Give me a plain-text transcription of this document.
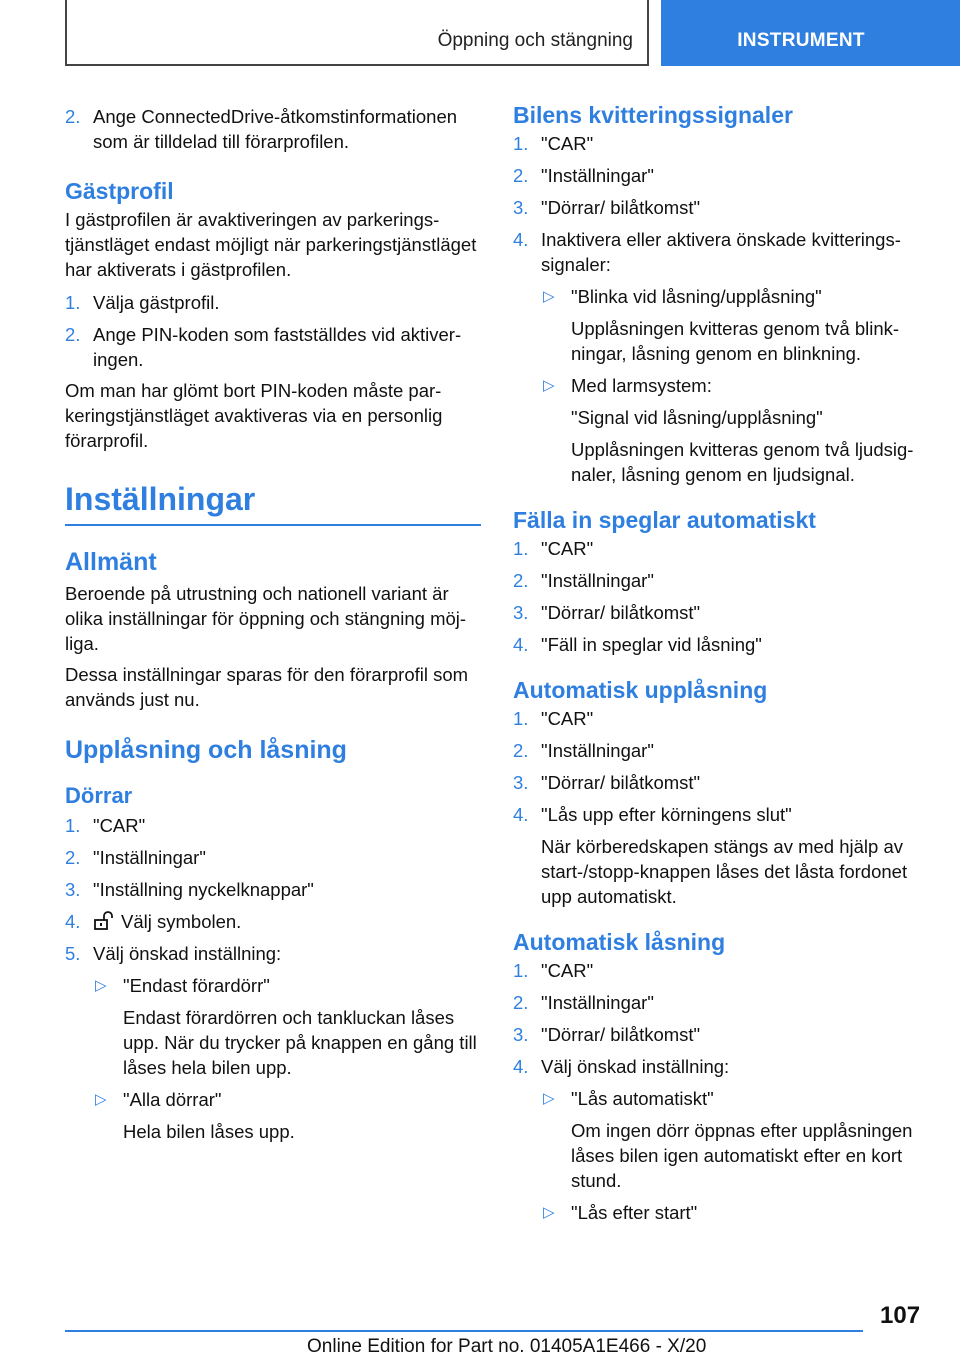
Öppning och stängning	INSTRUMENT
2. Ange ConnectedDrive-åtkomstinformationen som är tilldelad till förarprofilen.
Gästprofil

I gästprofilen är avaktiveringen av parkeringstjänstläget endast möjligt när parkeringstjänstläget har aktiverats i gästprofilen.

1. Välja gästprofil.
2. Ange PIN-koden som fastställdes vid aktiveringen.

Om man har glömt bort PIN-koden måste parkeringstjänstläget avaktiveras via en personlig förarprofil.

Inställningar
Allmänt

Beroende på utrustning och nationell variant är olika inställningar för öppning och stängning möjliga.

Dessa inställningar sparas för den förarprofil som används just nu.

Upplåsning och låsning
Dörrar
1. "CAR"
2. "Inställningar"
3. "Inställning nyckelknappar"
4. Välj symbolen.
5. Välj önskad inställning:
▷ "Endast förardörr"
Endast förardörren och tankluckan låses upp. När du trycker på knappen en gång till låses hela bilen upp.
▷ "Alla dörrar"
Hela bilen låses upp.
Bilens kvitteringssignaler
1. "CAR"
2. "Inställningar"
3. "Dörrar/ bilåtkomst"
4. Inaktivera eller aktivera önskade kvitteringssignaler:
▷ "Blinka vid låsning/upplåsning"
Upplåsningen kvitteras genom två blinkningar, låsning genom en blinkning.
▷ Med larmsystem:
"Signal vid låsning/upplåsning"
Upplåsningen kvitteras genom två ljudsignaler, låsning genom en ljudsignal.
Fälla in speglar automatiskt
1. "CAR"
2. "Inställningar"
3. "Dörrar/ bilåtkomst"
4. "Fäll in speglar vid låsning"
Automatisk upplåsning
1. "CAR"
2. "Inställningar"
3. "Dörrar/ bilåtkomst"
4. "Lås upp efter körningens slut"
När körberedskapen stängs av med hjälp av start-/stopp-knappen låses det låsta fordonet upp automatiskt.
Automatisk låsning
1. "CAR"
2. "Inställningar"
3. "Dörrar/ bilåtkomst"
4. Välj önskad inställning:
▷ "Lås automatiskt"
Om ingen dörr öppnas efter upplåsningen låses bilen igen automatiskt efter en kort stund.
▷ "Lås efter start"
107
Online Edition for Part no. 01405A1E466 - X/20
